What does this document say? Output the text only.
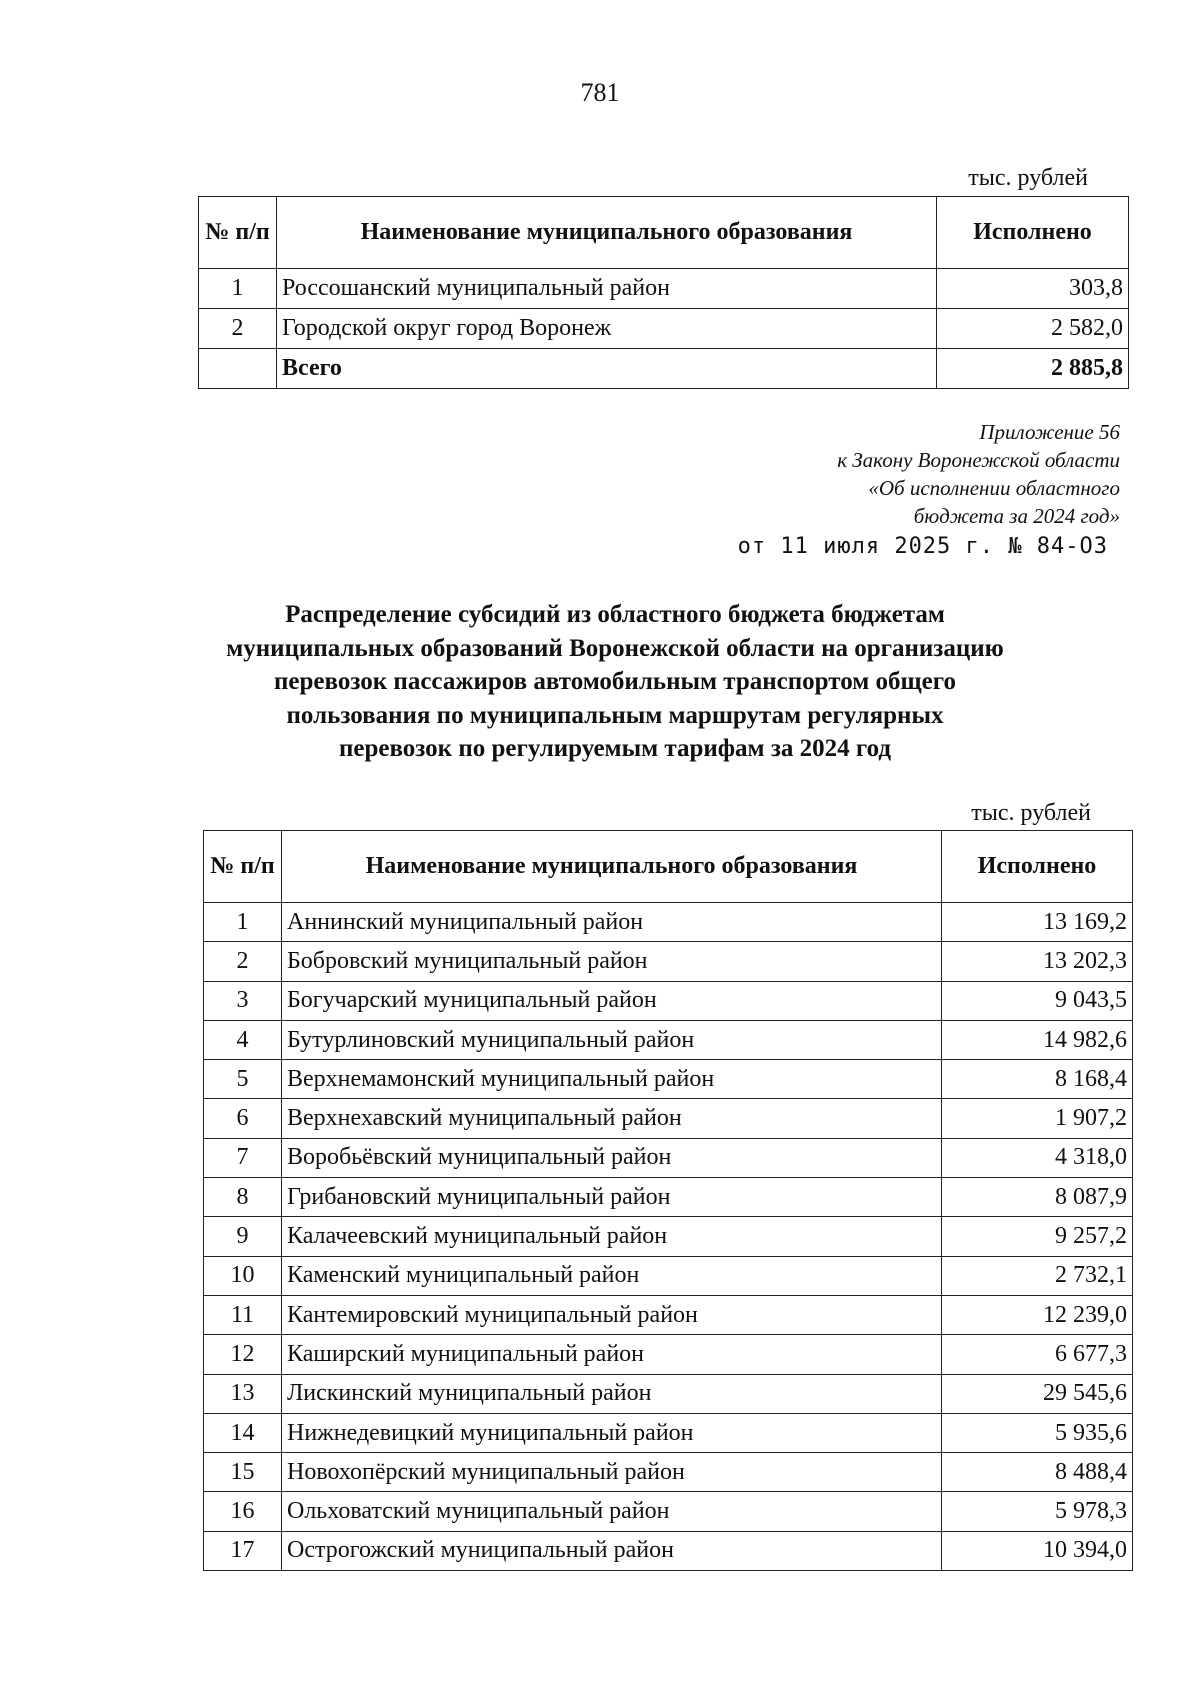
781
тыс. рублей
№ п/п	Наименование муниципального образования	Исполнено
1	Россошанский муниципальный район	303,8
2	Городской округ город Воронеж	2 582,0
	Всего	2 885,8
Приложение 56
к Закону Воронежской области
«Об исполнении областного
бюджета за 2024 год»
от 11 июля 2025 г. № 84-ОЗ
Распределение субсидий из областного бюджета бюджетам
муниципальных образований Воронежской области на организацию
перевозок пассажиров автомобильным транспортом общего
пользования по муниципальным маршрутам регулярных
перевозок по регулируемым тарифам за 2024 год
тыс. рублей
№ п/п	Наименование муниципального образования	Исполнено
1	Аннинский муниципальный район	13 169,2
2	Бобровский муниципальный район	13 202,3
3	Богучарский муниципальный район	9 043,5
4	Бутурлиновский муниципальный район	14 982,6
5	Верхнемамонский муниципальный район	8 168,4
6	Верхнехавский муниципальный район	1 907,2
7	Воробьёвский муниципальный район	4 318,0
8	Грибановский муниципальный район	8 087,9
9	Калачеевский муниципальный район	9 257,2
10	Каменский муниципальный район	2 732,1
11	Кантемировский муниципальный район	12 239,0
12	Каширский муниципальный район	6 677,3
13	Лискинский муниципальный район	29 545,6
14	Нижнедевицкий муниципальный район	5 935,6
15	Новохопёрский муниципальный район	8 488,4
16	Ольховатский муниципальный район	5 978,3
17	Острогожский муниципальный район	10 394,0
